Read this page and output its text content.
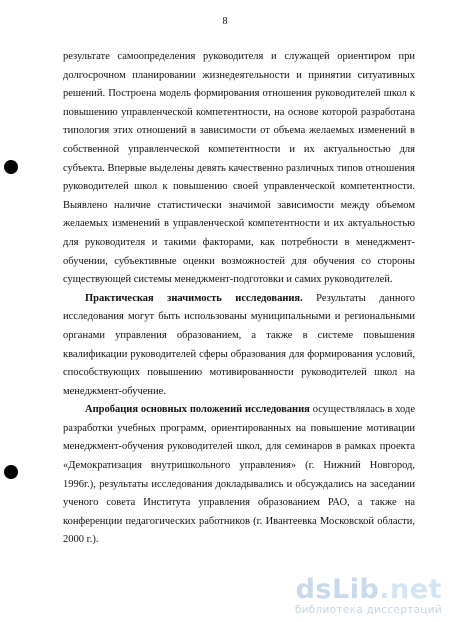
8

результате самоопределения руководителя и служащей ориентиром при долгосрочном планировании жизнедеятельности и принятии ситуативных решений. Построена модель формирования отношения руководителей школ к повышению управленческой компетентности, на основе которой разработана типология этих отношений в зависимости от объема желаемых изменений в собственной управленческой компетентности и их актуальностью для субъекта. Впервые выделены девять качественно различных типов отношения руководителей школ к повышению своей управленческой компетентности. Выявлено наличие статистически значимой зависимости между объемом желаемых изменений в управленческой компетентности и их актуальностью для руководителя и такими факторами, как потребности в менеджмент-обучении, субъективные оценки возможностей для обучения со стороны существующей системы менеджмент-подготовки и самих руководителей.

Практическая значимость исследования. Результаты данного исследования могут быть использованы муниципальными и региональными органами управления образованием, а также в системе повышения квалификации руководителей сферы образования для формирования условий, способствующих повышению мотивированности руководителей школ на менеджмент-обучение.

Апробация основных положений исследования осуществлялась в ходе разработки учебных программ, ориентированных на повышение мотивации менеджмент-обучения руководителей школ, для семинаров в рамках проекта «Демократизация внутришкольного управления» (г. Нижний Новгород, 1996г.), результаты исследования докладывались и обсуждались на заседании ученого совета Института управления образованием РАО, а также на конференции педагогических работников (г. Ивантеевка Московской области, 2000 г.).

dsLib.net
библиотека диссертаций
